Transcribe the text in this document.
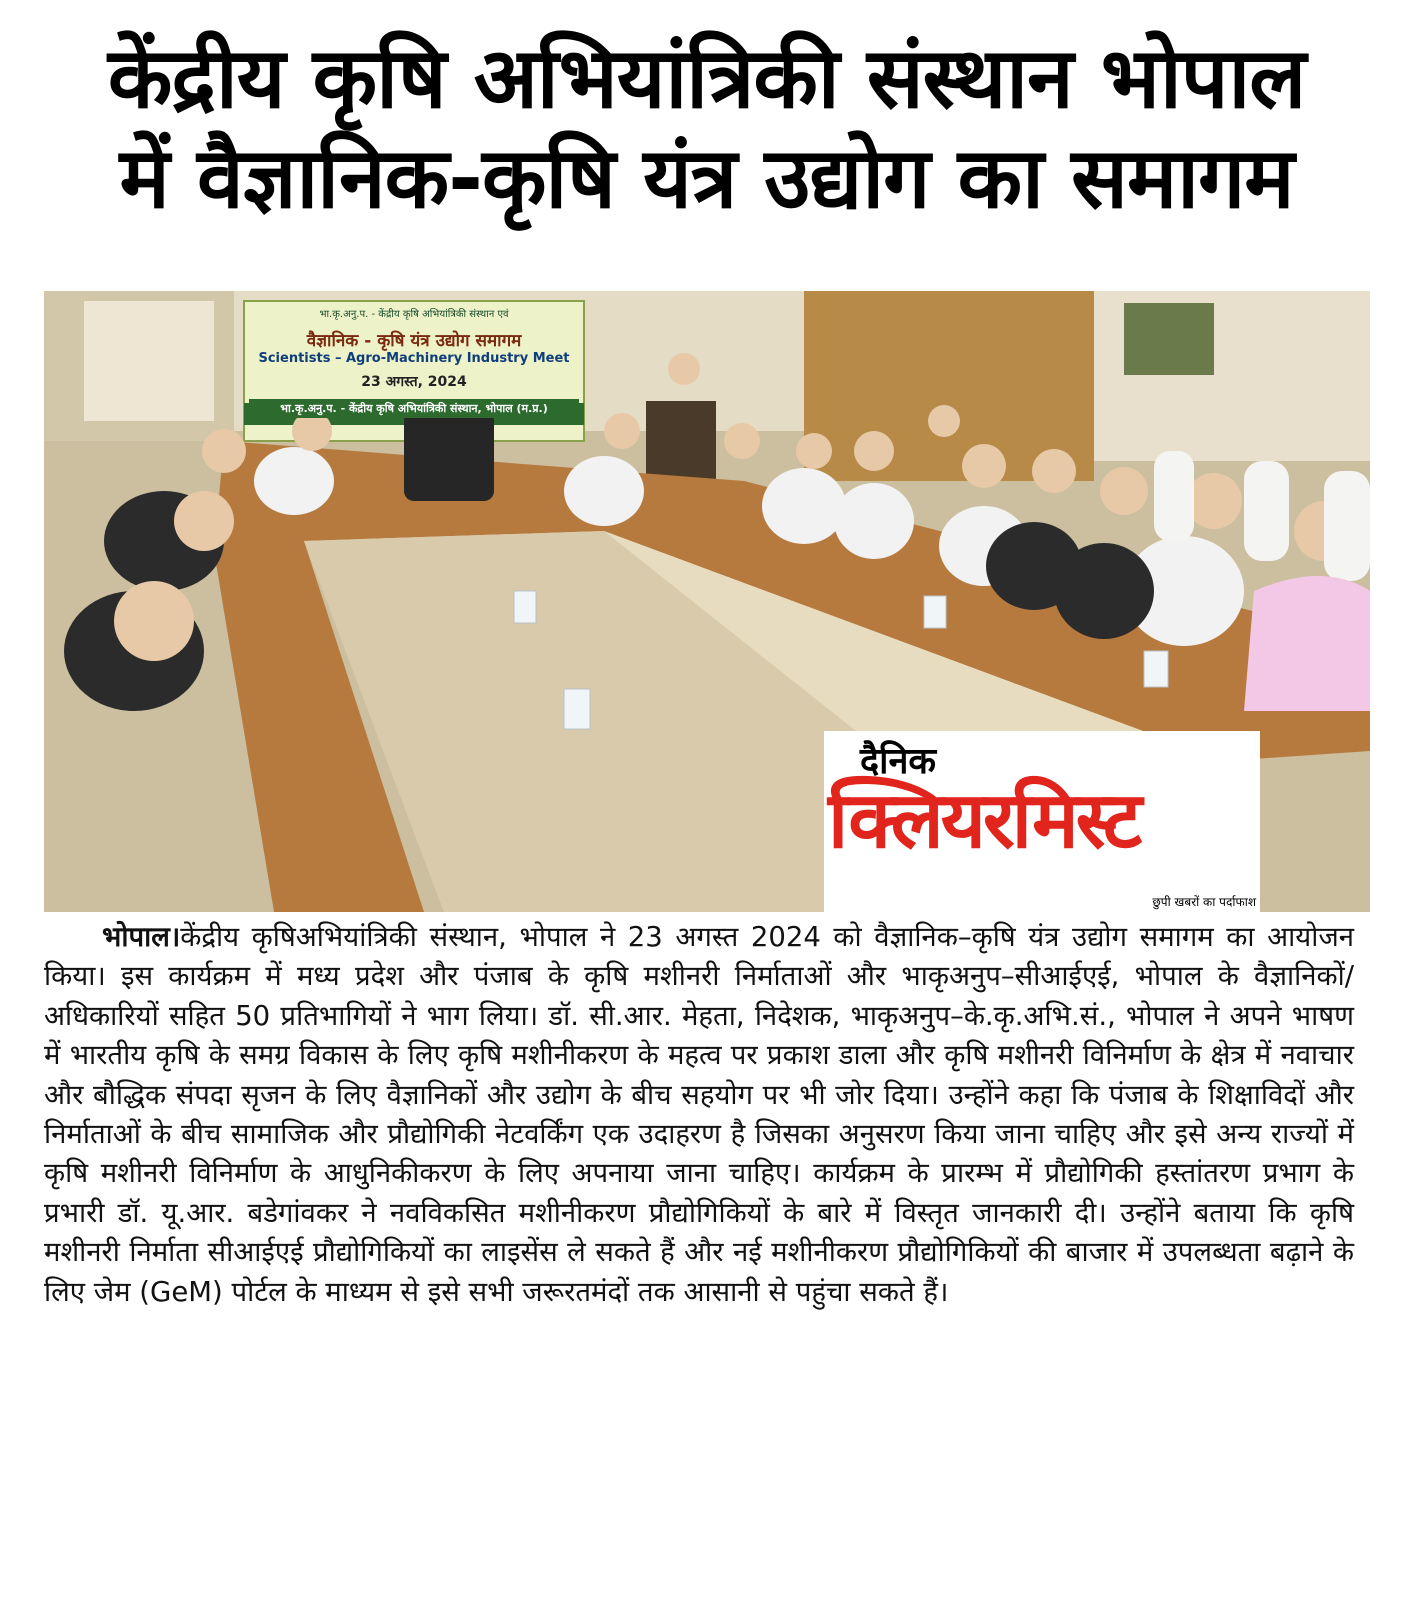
केंद्रीय कृषि अभियांत्रिकी संस्थान भोपाल
में वैज्ञानिक-कृषि यंत्र उद्योग का समागम
भा.कृ.अनु.प. - केंद्रीय कृषि अभियांत्रिकी संस्थान एवं
वैज्ञानिक - कृषि यंत्र उद्योग समागम
Scientists – Agro-Machinery Industry Meet
23 अगस्त, 2024
भा.कृ.अनु.प. - केंद्रीय कृषि अभियांत्रिकी संस्थान, भोपाल (म.प्र.)
दैनिक
क्लियरमिस्ट
छुपी खबरों का पर्दाफाश
भोपाल।केंद्रीय कृषिअभियांत्रिकी संस्थान, भोपाल ने 23 अगस्त 2024 को वैज्ञानिक–कृषि यंत्र उद्योग समागम का आयोजन किया। इस कार्यक्रम में मध्य प्रदेश और पंजाब के कृषि मशीनरी निर्माताओं और भाकृअनुप–सीआईएई, भोपाल के वैज्ञानिकों/अधिकारियों सहित 50 प्रतिभागियों ने भाग लिया। डॉ. सी.आर. मेहता, निदेशक, भाकृअनुप–के.कृ.अभि.सं., भोपाल ने अपने भाषण में भारतीय कृषि के समग्र विकास के लिए कृषि मशीनीकरण के महत्व पर प्रकाश डाला और कृषि मशीनरी विनिर्माण के क्षेत्र में नवाचार और बौद्धिक संपदा सृजन के लिए वैज्ञानिकों और उद्योग के बीच सहयोग पर भी जोर दिया। उन्होंने कहा कि पंजाब के शिक्षाविदों और निर्माताओं के बीच सामाजिक और प्रौद्योगिकी नेटवर्किंग एक उदाहरण है जिसका अनुसरण किया जाना चाहिए और इसे अन्य राज्यों में कृषि मशीनरी विनिर्माण के आधुनिकीकरण के लिए अपनाया जाना चाहिए। कार्यक्रम के प्रारम्भ में प्रौद्योगिकी हस्तांतरण प्रभाग के प्रभारी डॉ. यू.आर. बडेगांवकर ने नवविकसित मशीनीकरण प्रौद्योगिकियों के बारे में विस्तृत जानकारी दी। उन्होंने बताया कि कृषि मशीनरी निर्माता सीआईएई प्रौद्योगिकियों का लाइसेंस ले सकते हैं और नई मशीनीकरण प्रौद्योगिकियों की बाजार में उपलब्धता बढ़ाने के लिए जेम (GeM) पोर्टल के माध्यम से इसे सभी जरूरतमंदों तक आसानी से पहुंचा सकते हैं।
